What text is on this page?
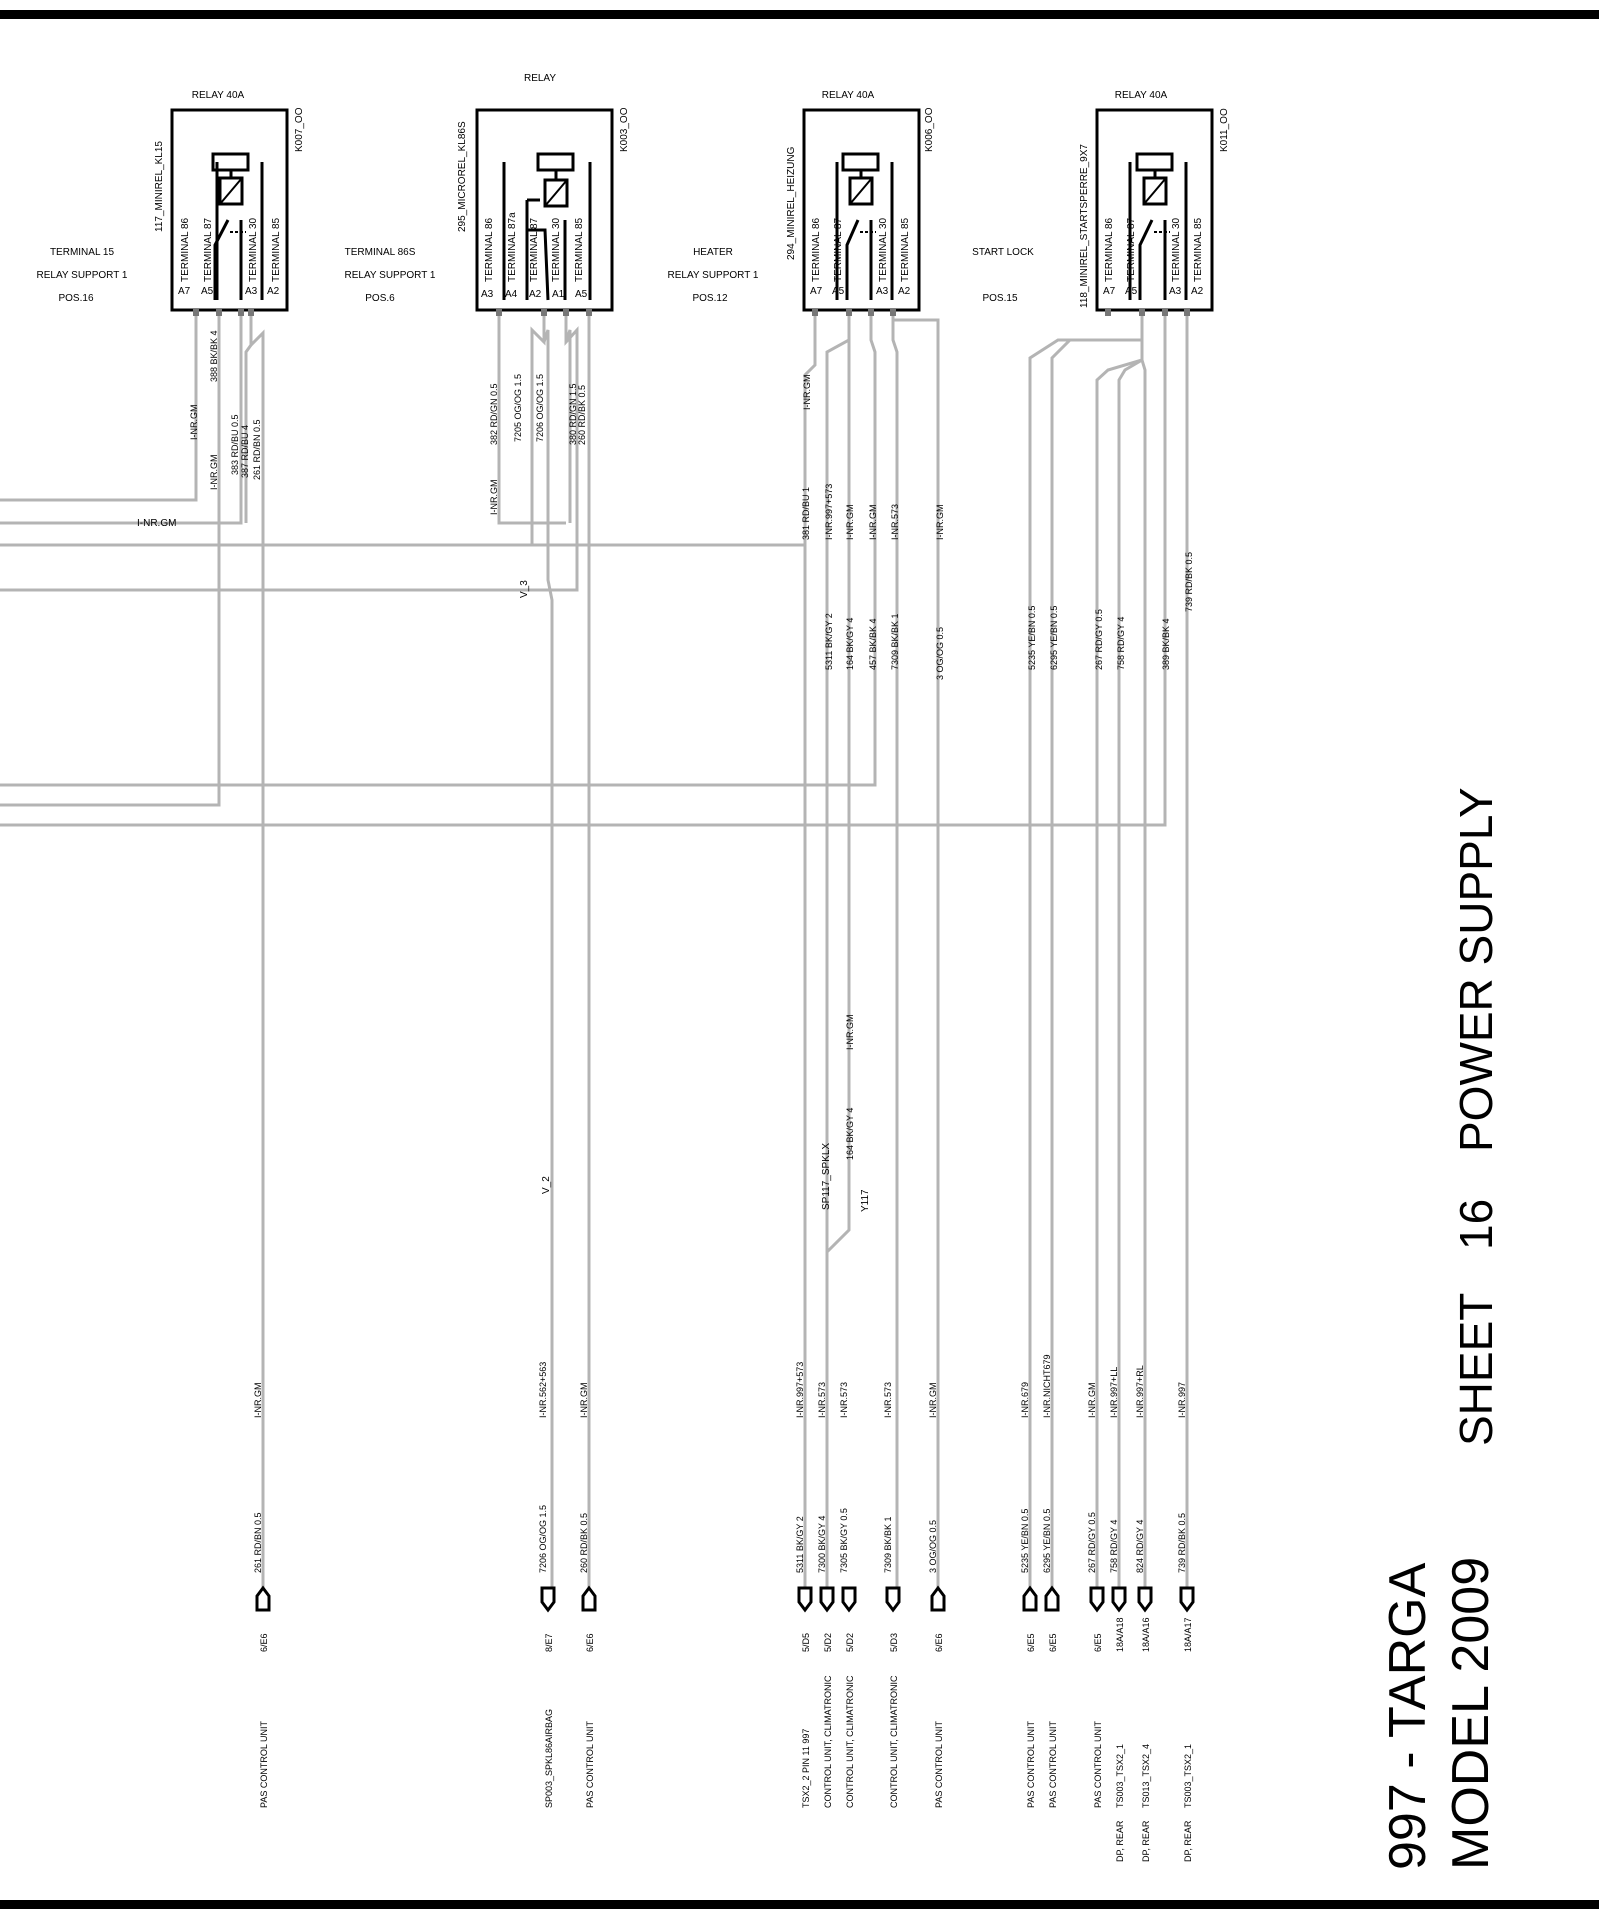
RELAY 40A
117_MINIREL_KL15
K007_OO
TERMINAL 86 TERMINAL 87	TERMINAL 30 TERMINAL 85
A7 A5	A3 A2
TERMINAL 15
RELAY SUPPORT 1
POS.16
RELAY
295_MICROREL_KL86S	K003_OO
TERMINAL 86 TERMINAL 87a TERMINAL 87 TERMINAL 30 TERMINAL 85
A3 A4 A2 A1 A5
TERMINAL 86S
RELAY SUPPORT 1
POS.6
RELAY 40A
294_MINIREL_HEIZUNG
K006_OO
TERMINAL 86 TERMINAL 87	TERMINAL 30 TERMINAL 85
A7 A5	A3 A2
HEATER
RELAY SUPPORT 1
POS.12
RELAY 40A
118_MINIREL_STARTSPERRE_9X7
K011_OO
TERMINAL 86 TERMINAL 87	TERMINAL 30 TERMINAL 85
A7 A5	A3 A2
START LOCK
POS.15
I-NR.GM
I-NR.GM
388 BK/BK 4
383 RD/BU 0.5 387 RD/BU 4 261 RD/BN 0.5
I-NR.GM
I-NR.GM
382 RD/GN 0.5 7205 OG/OG 1.5 7206 OG/OG 1.5	380 RD/GN 1.5 260 RD/BK 0.5
V_3
V_2
I-NR.GM
381 RD/BU 1 I-NR.997+573 I-NR.GM I-NR.GM I-NR.573	I-NR.GM
5311 BK/GY 2 164 BK/GY 4 457 BK/BK 4 7309 BK/BK 1	3 OG/OG 0.5
I-NR.GM
SP117_SPKLX
164 BK/GY 4
Y117
5235 YE/BN 0.5 6295 YE/BN 0.5	267 RD/GY 0.5 758 RD/GY 4	389 BK/BK 4
739 RD/BK 0.5
I-NR.GM
261 RD/BN 0.5
6/E6
PAS CONTROL UNIT
I-NR.562+563
7206 OG/OG 1.5
8/E7
SP003_SPKL86AIRBAG
I-NR.GM
260 RD/BK 0.5
6/E6
PAS CONTROL UNIT
I-NR.997+573
5311 BK/GY 2
5/D5
TSX2_2 PIN 11 997
I-NR.573
7300 BK/GY 4
5/D2
CONTROL UNIT, CLIMATRONIC
I-NR.573
7305 BK/GY 0.5
5/D2
CONTROL UNIT, CLIMATRONIC
I-NR.573
7309 BK/BK 1
5/D3
CONTROL UNIT, CLIMATRONIC
I-NR.GM
3 OG/OG 0.5
6/E6
PAS CONTROL UNIT
I-NR.679
5235 YE/BN 0.5
6/E5
PAS CONTROL UNIT
I-NR.NICHT679
6295 YE/BN 0.5
6/E5
PAS CONTROL UNIT
I-NR.GM
267 RD/GY 0.5
6/E5
PAS CONTROL UNIT
I-NR.997+LL
758 RD/GY 4
18A/A18
TS003_TSX2_1
DP, REAR
I-NR.997+RL
824 RD/GY 4
18A/A16
TS013_TSX2_4
DP, REAR
I-NR.997
739 RD/BK 0.5
18A/A17
TS003_TSX2_1
DP, REAR
POWER SUPPLY
16
SHEET
997 - TARGA MODEL 2009
